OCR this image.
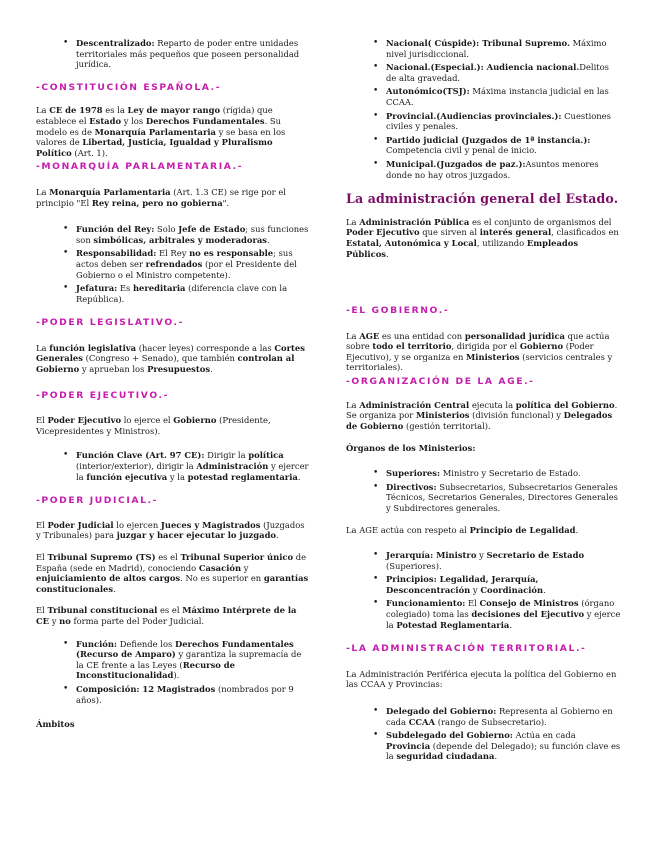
• Descentralizado: Reparto de poder entre unidades territoriales más pequeños que poseen personalidad jurídica.

-CONSTITUCIÓN ESPAÑOLA.-

La CE de 1978 es la Ley de mayor rango (rígida) que establece el Estado y los Derechos Fundamentales. Su modelo es de Monarquía Parlamentaria y se basa en los valores de Libertad, Justicia, Igualdad y Pluralismo Político (Art. 1).

-MONARQUÍA PARLAMENTARIA.-

La Monarquía Parlamentaria (Art. 1.3 CE) se rige por el principio "El Rey reina, pero no gobierna".

• Función del Rey: Solo Jefe de Estado; sus funciones son simbólicas, arbitrales y moderadoras.
• Responsabilidad: El Rey no es responsable; sus actos deben ser refrendados (por el Presidente del Gobierno o el Ministro competente).
• Jefatura: Es hereditaria (diferencia clave con la República).

-PODER LEGISLATIVO.-

La función legislativa (hacer leyes) corresponde a las Cortes Generales (Congreso + Senado), que también controlan al Gobierno y aprueban los Presupuestos.

-PODER EJECUTIVO.-

El Poder Ejecutivo lo ejerce el Gobierno (Presidente, Vicepresidentes y Ministros).

• Función Clave (Art. 97 CE): Dirigir la política (interior/exterior), dirigir la Administración y ejercer la función ejecutiva y la potestad reglamentaria.

-PODER JUDICIAL.-

El Poder Judicial lo ejercen Jueces y Magistrados (Juzgados y Tribunales) para juzgar y hacer ejecutar lo juzgado.

El Tribunal Supremo (TS) es el Tribunal Superior único de España (sede en Madrid), conociendo Casación y enjuiciamiento de altos cargos. No es superior en garantías constitucionales.

El Tribunal constitucional es el Máximo Intérprete de la CE y no forma parte del Poder Judicial.

• Función: Defiende los Derechos Fundamentales (Recurso de Amparo) y garantiza la supremacía de la CE frente a las Leyes (Recurso de Inconstitucionalidad).
• Composición: 12 Magistrados (nombrados por 9 años).

Ámbitos

• Nacional( Cúspide): Tribunal Supremo. Máximo nivel jurisdiccional.
• Nacional.(Especial.): Audiencia nacional.Delitos de alta gravedad.
• Autonómico(TSJ): Máxima instancia judicial en las CCAA.
• Provincial.(Audiencias provinciales.): Cuestiones civiles y penales.
• Partido judicial (Juzgados de 1ª instancia.): Competencia civil y penal de inicio.
• Municipal.(Juzgados de paz.):Asuntos menores donde no hay otros juzgados.

La administración general del Estado.

La Administración Pública es el conjunto de organismos del Poder Ejecutivo que sirven al interés general, clasificados en Estatal, Autonómica y Local, utilizando Empleados Públicos.

-EL GOBIERNO.-

La AGE es una entidad con personalidad jurídica que actúa sobre todo el territorio, dirigida por el Gobierno (Poder Ejecutivo), y se organiza en Ministerios (servicios centrales y territoriales).

-ORGANIZACIÓN DE LA AGE.-

La Administración Central ejecuta la política del Gobierno. Se organiza por Ministerios (división funcional) y Delegados de Gobierno (gestión territorial).

Órganos de los Ministerios:

• Superiores: Ministro y Secretario de Estado.
• Directivos: Subsecretarios, Subsecretarios Generales Técnicos, Secretarios Generales, Directores Generales y Subdirectores generales.

La AGE actúa con respeto al Principio de Legalidad.

• Jerarquía: Ministro y Secretario de Estado (Superiores).
• Principios: Legalidad, Jerarquía, Desconcentración y Coordinación.
• Funcionamiento: El Consejo de Ministros (órgano colegiado) toma las decisiones del Ejecutivo y ejerce la Potestad Reglamentaria.

-LA ADMINISTRACIÓN TERRITORIAL.-

La Administración Periférica ejecuta la política del Gobierno en las CCAA y Provincias:

• Delegado del Gobierno: Representa al Gobierno en cada CCAA (rango de Subsecretario).
• Subdelegado del Gobierno: Actúa en cada Provincia (depende del Delegado); su función clave es la seguridad ciudadana.
